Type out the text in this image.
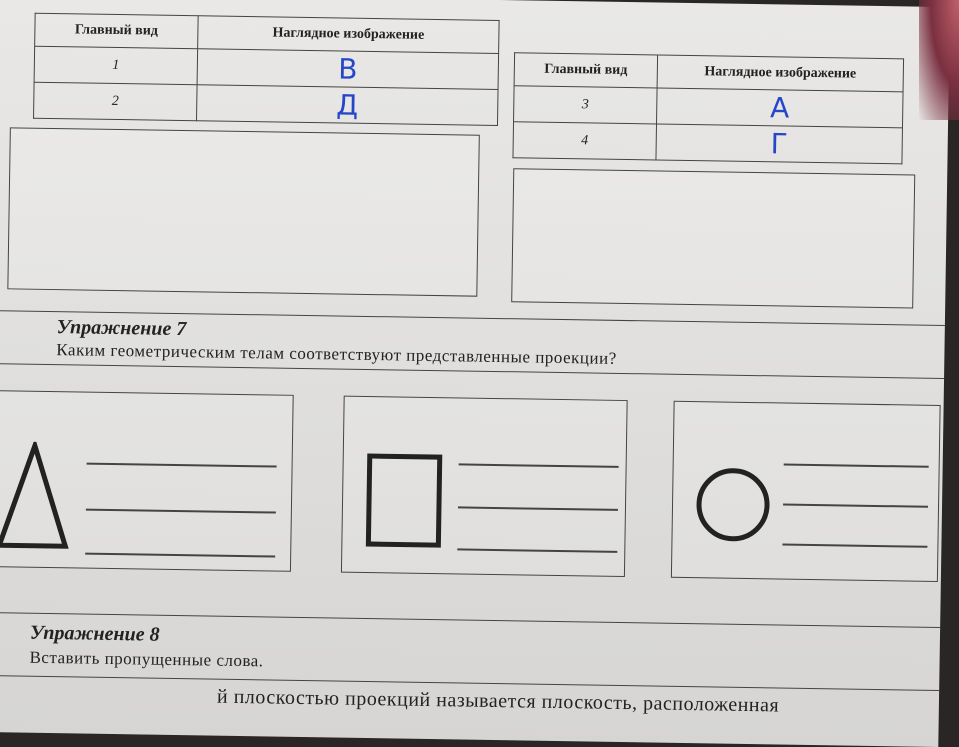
Главный вид	Наглядное изображение
1	В
2	Д
Главный вид	Наглядное изображение
3	А
4	Г
Упражнение 7
Каким геометрическим телам соответствуют представленные проекции?
Упражнение 8
Вставить пропущенные слова.
й плоскостью проекций называется плоскость, расположенная
